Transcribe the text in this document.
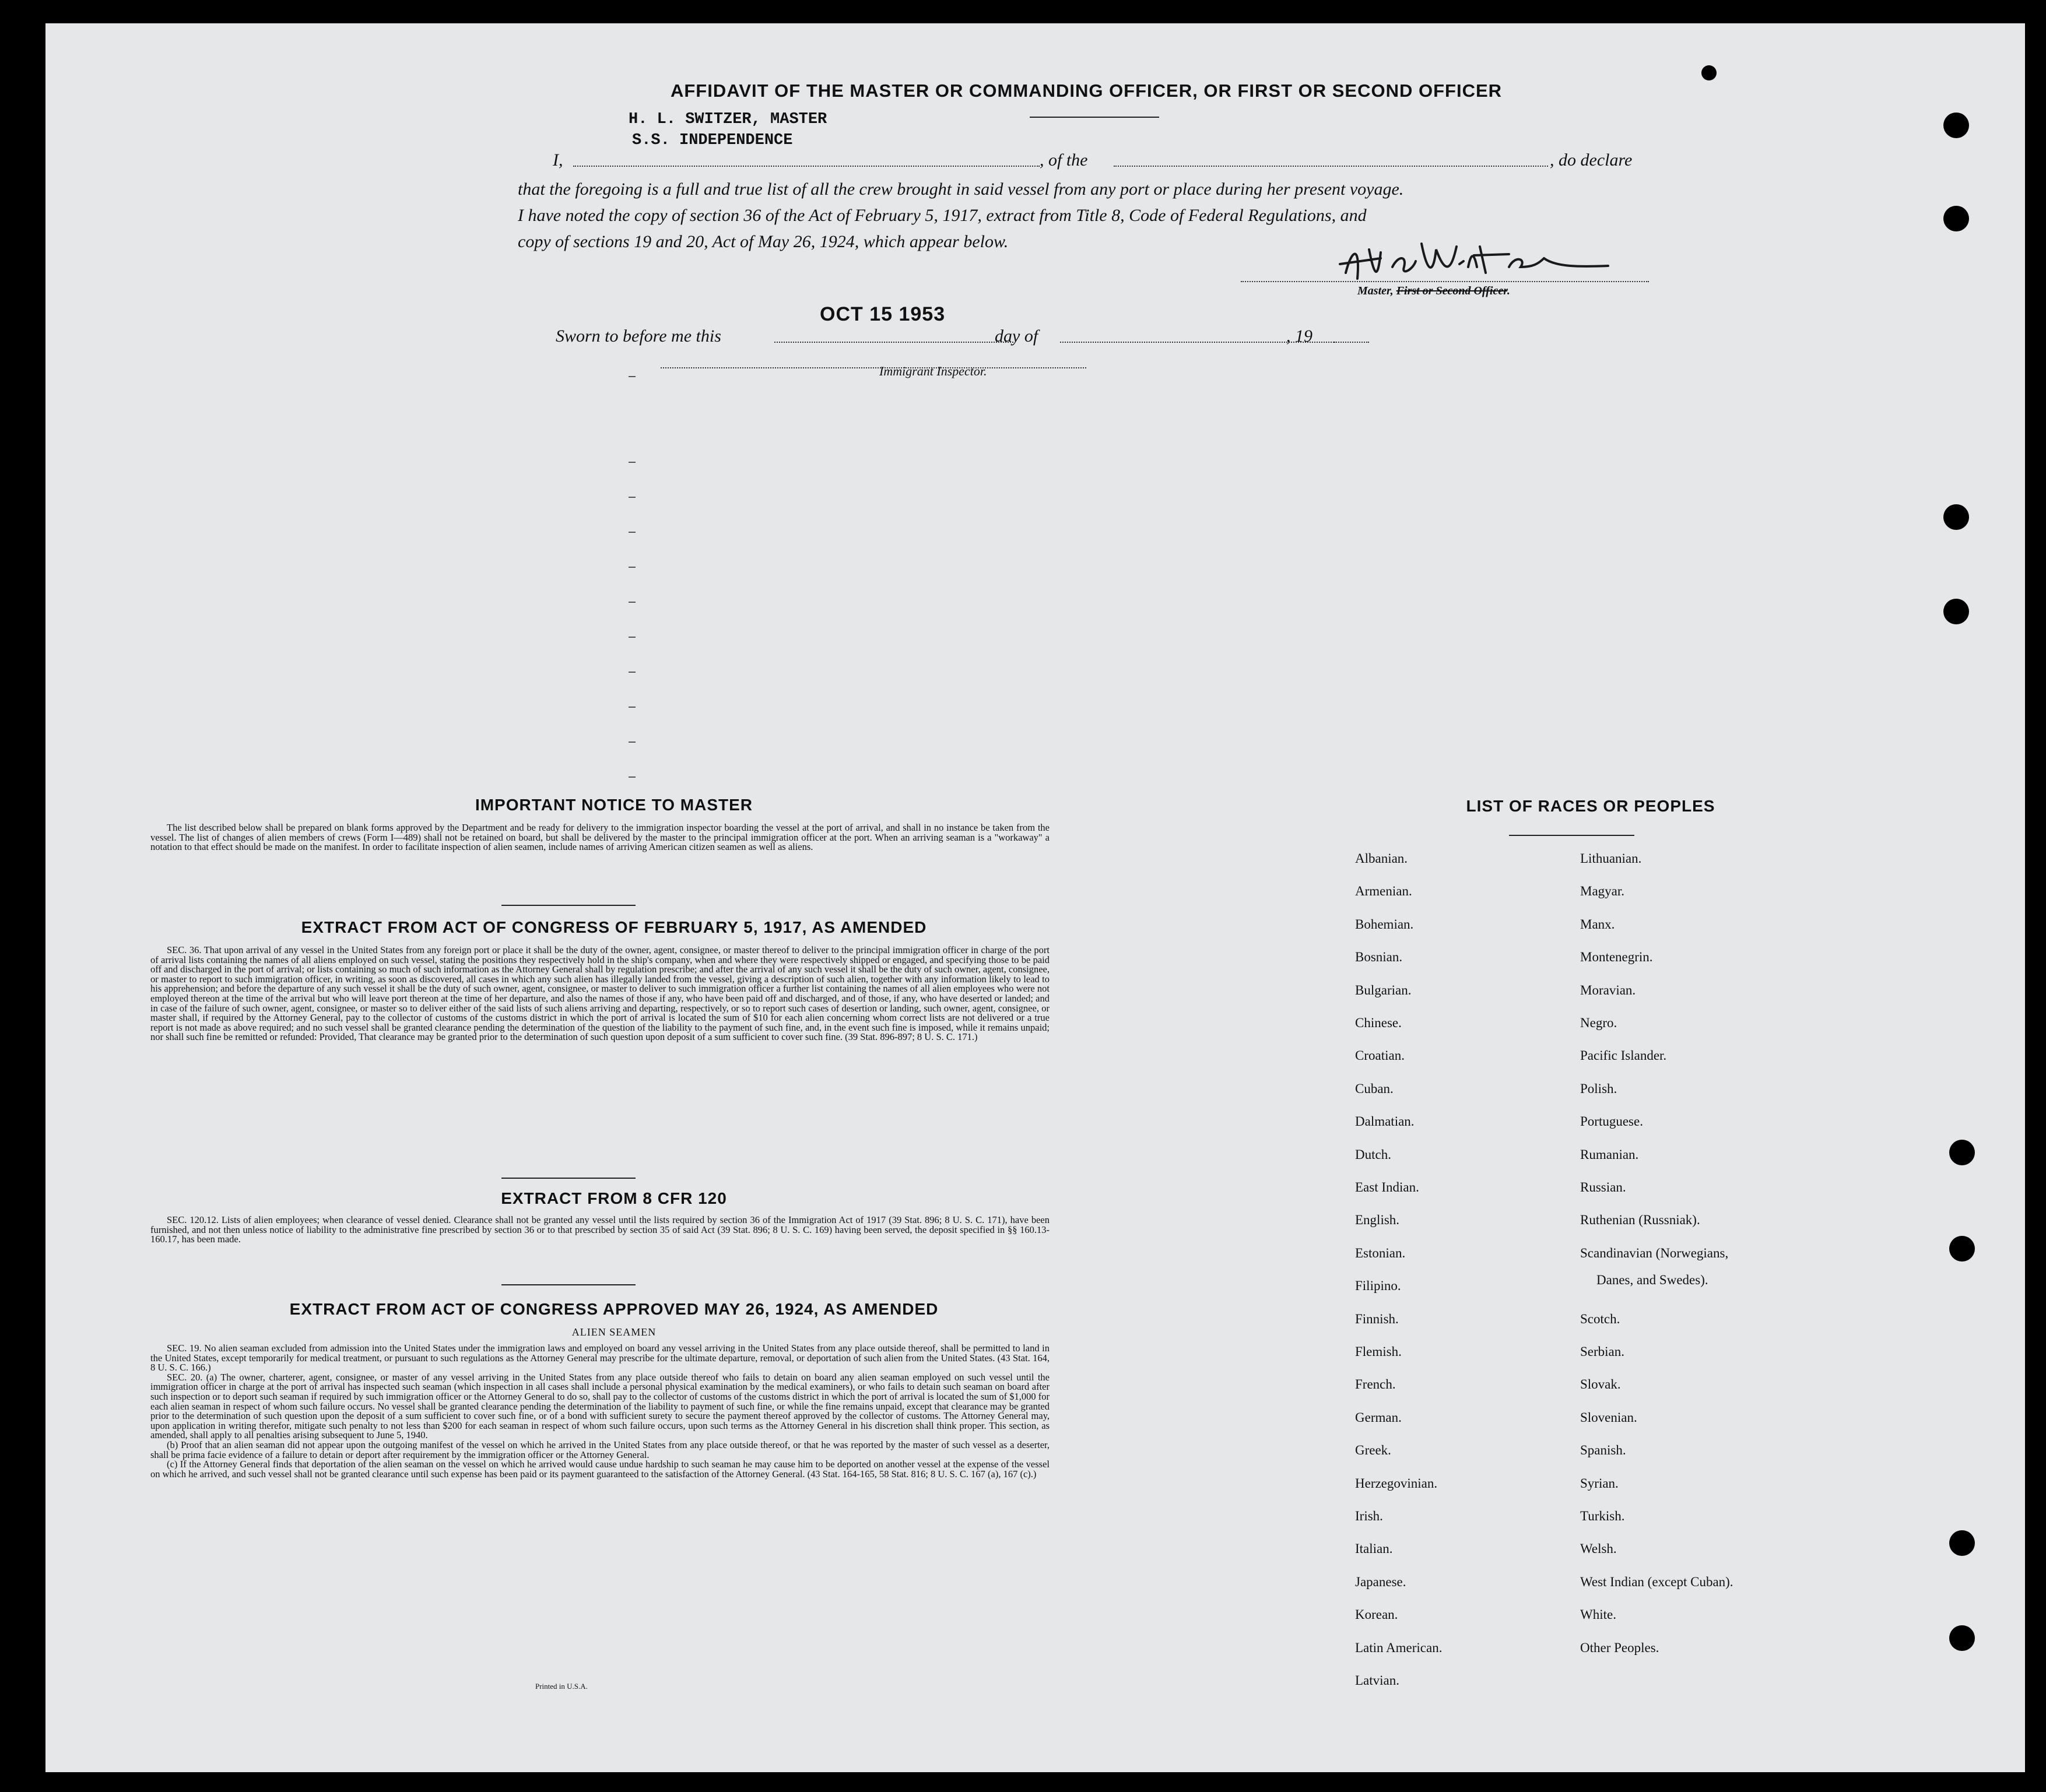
AFFIDAVIT OF THE MASTER OR COMMANDING OFFICER, OR FIRST OR SECOND OFFICER
H. L. SWITZER, MASTER
S.S. INDEPENDENCE
I,	, of the	, do declare

that the foregoing is a full and true list of all the crew brought in said vessel from any port or place during her present voyage.

I have noted the copy of section 36 of the Act of February 5, 1917, extract from Title 8, Code of Federal Regulations, and

copy of sections 19 and 20, Act of May 26, 1924, which appear below.

Master, First or Second Officer.
OCT 15 1953
Sworn to before me this	day of	, 19
Immigrant Inspector.
IMPORTANT NOTICE TO MASTER

The list described below shall be prepared on blank forms approved by the Department and be ready for delivery to the immigration inspector boarding the vessel at the port of arrival, and shall in no instance be taken from the vessel. The list of changes of alien members of crews (Form I—489) shall not be retained on board, but shall be delivered by the master to the principal immigration officer at the port. When an arriving seaman is a "workaway" a notation to that effect should be made on the manifest. In order to facilitate inspection of alien seamen, include names of arriving American citizen seamen as well as aliens.

EXTRACT FROM ACT OF CONGRESS OF FEBRUARY 5, 1917, AS AMENDED

SEC. 36. That upon arrival of any vessel in the United States from any foreign port or place it shall be the duty of the owner, agent, consignee, or master thereof to deliver to the principal immigration officer in charge of the port of arrival lists containing the names of all aliens employed on such vessel, stating the positions they respectively hold in the ship's company, when and where they were respectively shipped or engaged, and specifying those to be paid off and discharged in the port of arrival; or lists containing so much of such information as the Attorney General shall by regulation prescribe; and after the arrival of any such vessel it shall be the duty of such owner, agent, consignee, or master to report to such immigration officer, in writing, as soon as discovered, all cases in which any such alien has illegally landed from the vessel, giving a description of such alien, together with any information likely to lead to his apprehension; and before the departure of any such vessel it shall be the duty of such owner, agent, consignee, or master to deliver to such immigration officer a further list containing the names of all alien employees who were not employed thereon at the time of the arrival but who will leave port thereon at the time of her departure, and also the names of those if any, who have been paid off and discharged, and of those, if any, who have deserted or landed; and in case of the failure of such owner, agent, consignee, or master so to deliver either of the said lists of such aliens arriving and departing, respectively, or so to report such cases of desertion or landing, such owner, agent, consignee, or master shall, if required by the Attorney General, pay to the collector of customs of the customs district in which the port of arrival is located the sum of $10 for each alien concerning whom correct lists are not delivered or a true report is not made as above required; and no such vessel shall be granted clearance pending the determination of the question of the liability to the payment of such fine, and, in the event such fine is imposed, while it remains unpaid; nor shall such fine be remitted or refunded: Provided, That clearance may be granted prior to the determination of such question upon deposit of a sum sufficient to cover such fine. (39 Stat. 896-897; 8 U. S. C. 171.)

EXTRACT FROM 8 CFR 120

SEC. 120.12. Lists of alien employees; when clearance of vessel denied. Clearance shall not be granted any vessel until the lists required by section 36 of the Immigration Act of 1917 (39 Stat. 896; 8 U. S. C. 171), have been furnished, and not then unless notice of liability to the administrative fine prescribed by section 36 or to that prescribed by section 35 of said Act (39 Stat. 896; 8 U. S. C. 169) having been served, the deposit specified in §§ 160.13-160.17, has been made.

EXTRACT FROM ACT OF CONGRESS APPROVED MAY 26, 1924, AS AMENDED
ALIEN SEAMEN

SEC. 19. No alien seaman excluded from admission into the United States under the immigration laws and employed on board any vessel arriving in the United States from any place outside thereof, shall be permitted to land in the United States, except temporarily for medical treatment, or pursuant to such regulations as the Attorney General may prescribe for the ultimate departure, removal, or deportation of such alien from the United States. (43 Stat. 164, 8 U. S. C. 166.)

SEC. 20. (a) The owner, charterer, agent, consignee, or master of any vessel arriving in the United States from any place outside thereof who fails to detain on board any alien seaman employed on such vessel until the immigration officer in charge at the port of arrival has inspected such seaman (which inspection in all cases shall include a personal physical examination by the medical examiners), or who fails to detain such seaman on board after such inspection or to deport such seaman if required by such immigration officer or the Attorney General to do so, shall pay to the collector of customs of the customs district in which the port of arrival is located the sum of $1,000 for each alien seaman in respect of whom such failure occurs. No vessel shall be granted clearance pending the determination of the liability to payment of such fine, or while the fine remains unpaid, except that clearance may be granted prior to the determination of such question upon the deposit of a sum sufficient to cover such fine, or of a bond with sufficient surety to secure the payment thereof approved by the collector of customs. The Attorney General may, upon application in writing therefor, mitigate such penalty to not less than $200 for each seaman in respect of whom such failure occurs, upon such terms as the Attorney General in his discretion shall think proper. This section, as amended, shall apply to all penalties arising subsequent to June 5, 1940.

(b) Proof that an alien seaman did not appear upon the outgoing manifest of the vessel on which he arrived in the United States from any place outside thereof, or that he was reported by the master of such vessel as a deserter, shall be prima facie evidence of a failure to detain or deport after requirement by the immigration officer or the Attorney General.

(c) If the Attorney General finds that deportation of the alien seaman on the vessel on which he arrived would cause undue hardship to such seaman he may cause him to be deported on another vessel at the expense of the vessel on which he arrived, and such vessel shall not be granted clearance until such expense has been paid or its payment guaranteed to the satisfaction of the Attorney General. (43 Stat. 164-165, 58 Stat. 816; 8 U. S. C. 167 (a), 167 (c).)

Printed in U.S.A.
LIST OF RACES OR PEOPLES
Albanian.
Armenian.
Bohemian.
Bosnian.
Bulgarian.
Chinese.
Croatian.
Cuban.
Dalmatian.
Dutch.
East Indian.
English.
Estonian.
Filipino.
Finnish.
Flemish.
French.
German.
Greek.
Herzegovinian.
Irish.
Italian.
Japanese.
Korean.
Latin American.
Latvian.
Lithuanian.
Magyar.
Manx.
Montenegrin.
Moravian.
Negro.
Pacific Islander.
Polish.
Portuguese.
Rumanian.
Russian.
Ruthenian (Russniak).
Scandinavian (Norwegians,
Scotch.
Serbian.
Slovak.
Slovenian.
Spanish.
Syrian.
Turkish.
Welsh.
West Indian (except Cuban).
White.
Other Peoples.
Danes, and Swedes).
